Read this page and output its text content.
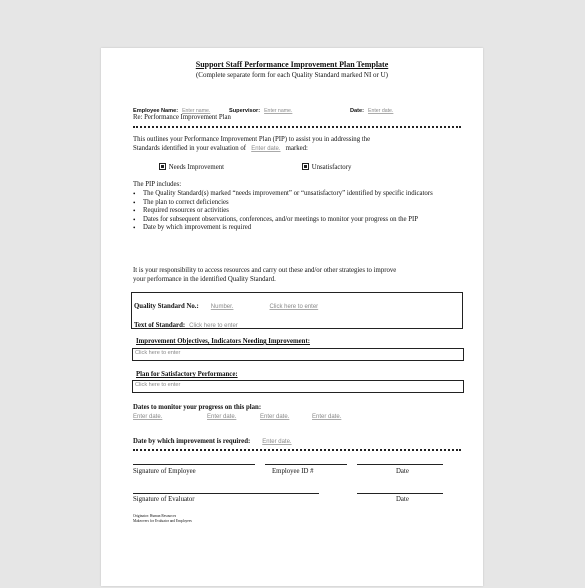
Support Staff Performance Improvement Plan Template
(Complete separate form for each Quality Standard marked NI or U)
Employee Name: Enter name.	Supervisor: Enter name.	Date: Enter date.
Re: Performance Improvement Plan
This outlines your Performance Improvement Plan (PIP) to assist you in addressing the
Standards identified in your evaluation of Enter date. marked:
Needs Improvement	Unsatisfactory
The PIP includes:
• The Quality Standard(s) marked “needs improvement” or “unsatisfactory” identified by specific indicators
• The plan to correct deficiencies
• Required resources or activities
• Dates for subsequent observations, conferences, and/or meetings to monitor your progress on the PIP
• Date by which improvement is required
It is your responsibility to access resources and carry out these and/or other strategies to improve
your performance in the identified Quality Standard.
Quality Standard No.: Number.	Click here to enter
Text of Standard: Click here to enter
Improvement Objectives, Indicators Needing Improvement:
Click here to enter
Plan for Satisfactory Performance:
Click here to enter
Dates to monitor your progress on this plan:
Enter date.	Enter date.	Enter date.	Enter date.
Date by which improvement is required: Enter date.
Signature of Employee	Employee ID #	Date
Signature of Evaluator	Date
Originator: Human Resources
Makeovers for Evaluator and Employees
